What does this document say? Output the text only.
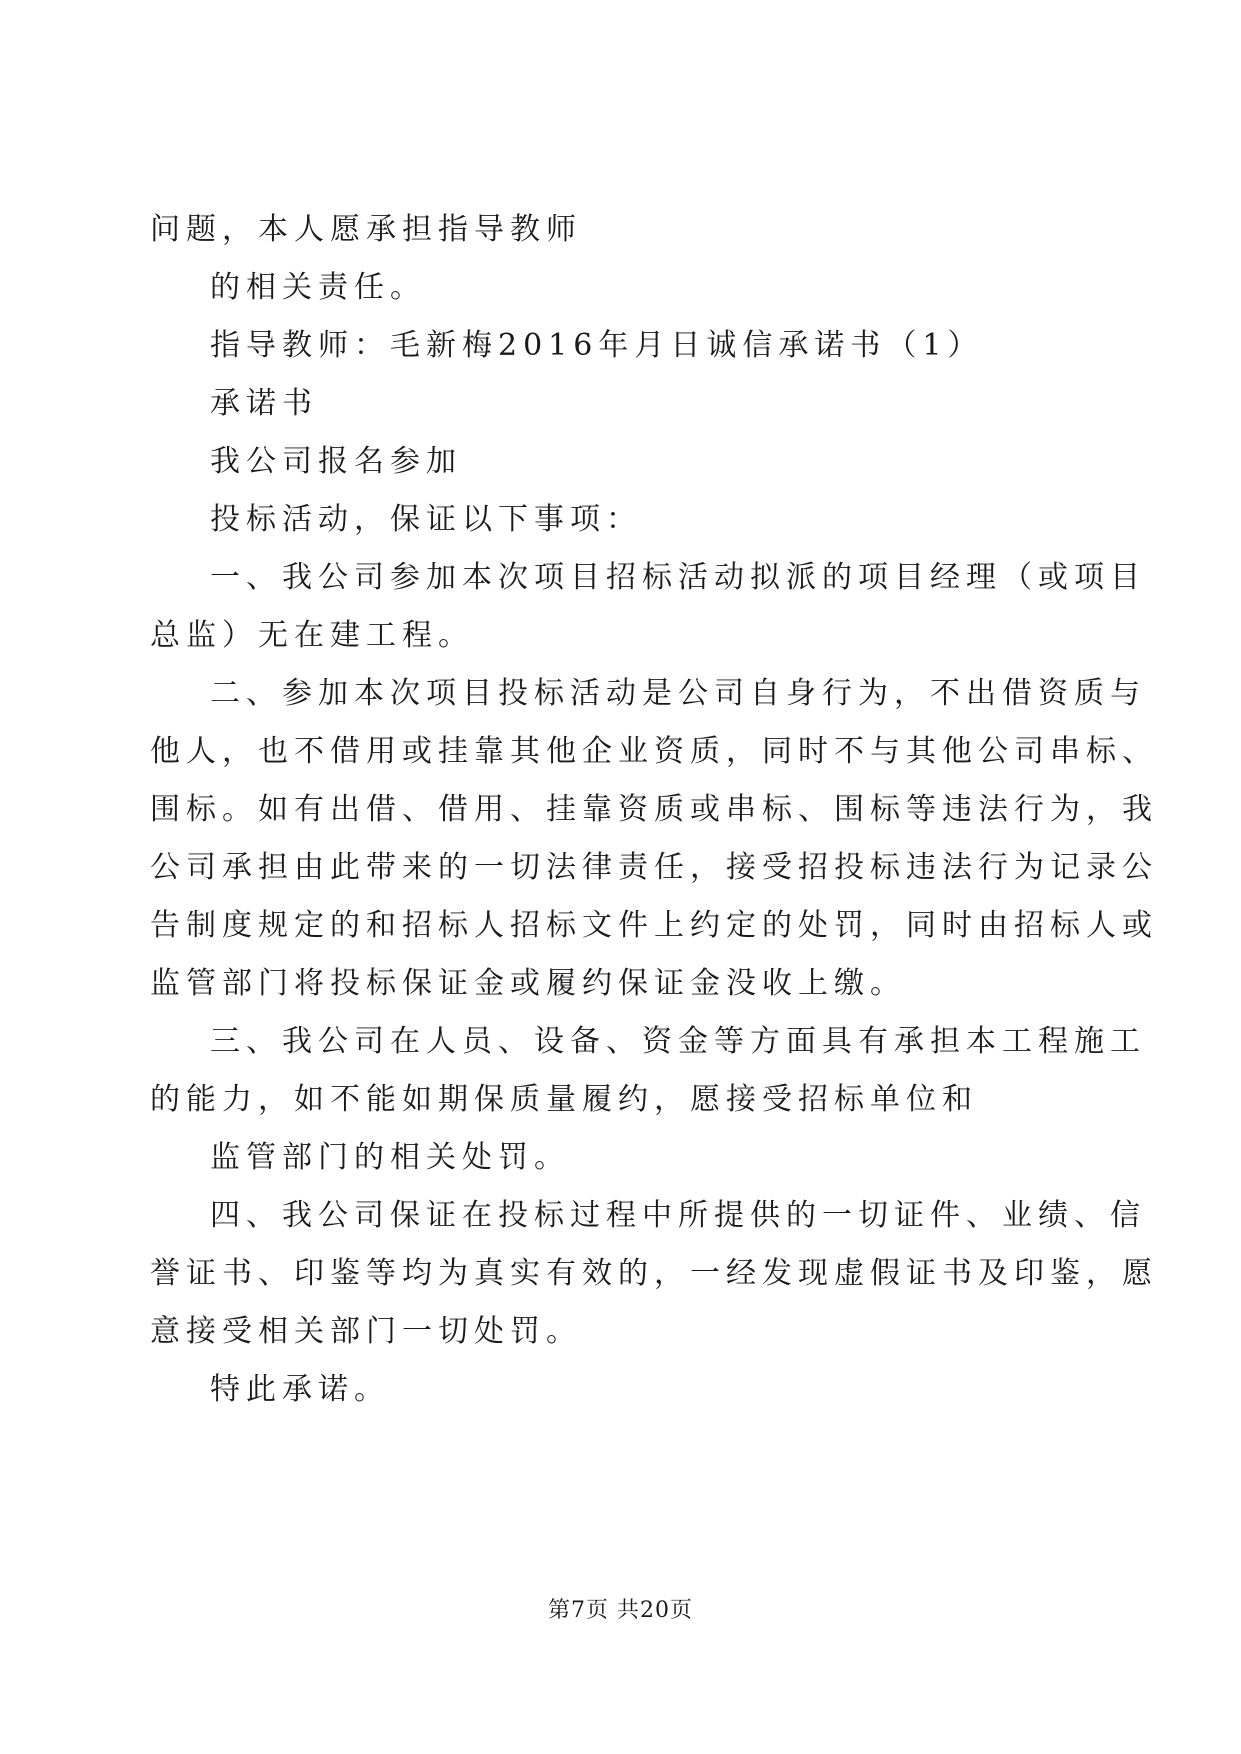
问题，本人愿承担指导教师
的相关责任。
指导教师：毛新梅2016年月日诚信承诺书（1）
承诺书
我公司报名参加
投标活动，保证以下事项：
一、我公司参加本次项目招标活动拟派的项目经理（或项目
总监）无在建工程。
二、参加本次项目投标活动是公司自身行为，不出借资质与
他人，也不借用或挂靠其他企业资质，同时不与其他公司串标、
围标。如有出借、借用、挂靠资质或串标、围标等违法行为，我
公司承担由此带来的一切法律责任，接受招投标违法行为记录公
告制度规定的和招标人招标文件上约定的处罚，同时由招标人或
监管部门将投标保证金或履约保证金没收上缴。
三、我公司在人员、设备、资金等方面具有承担本工程施工
的能力，如不能如期保质量履约，愿接受招标单位和
监管部门的相关处罚。
四、我公司保证在投标过程中所提供的一切证件、业绩、信
誉证书、印鉴等均为真实有效的，一经发现虚假证书及印鉴，愿
意接受相关部门一切处罚。
特此承诺。
第7页 共20页
